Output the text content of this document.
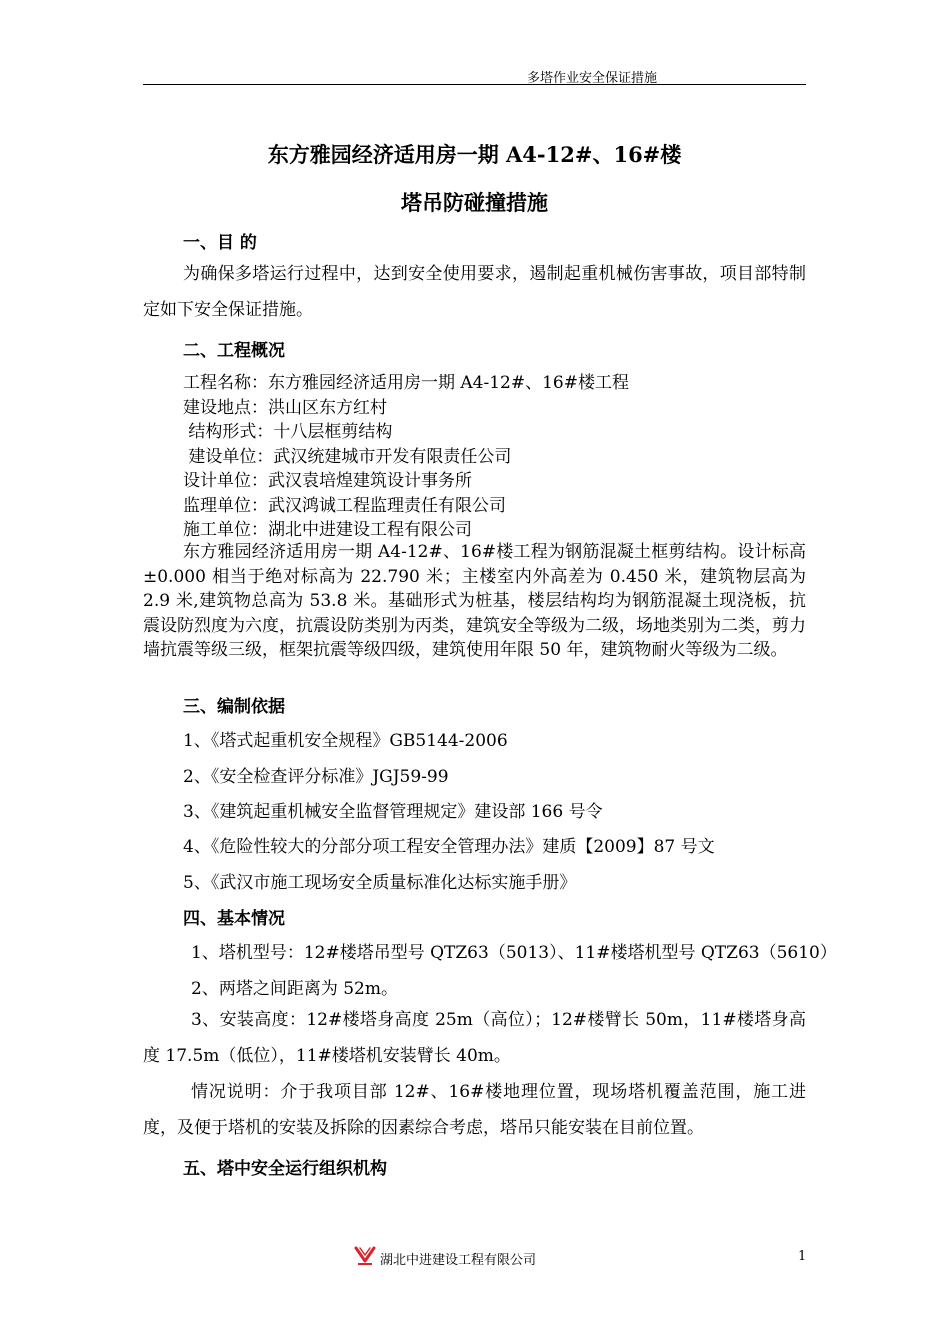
多塔作业安全保证措施
东方雅园经济适用房一期 A4-12#、16#楼
塔吊防碰撞措施
一、目 的
为确保多塔运行过程中，达到安全使用要求，遏制起重机械伤害事故，项目部特制定如下安全保证措施。
二、工程概况
工程名称：东方雅园经济适用房一期 A4-12#、16#楼工程
建设地点：洪山区东方红村
结构形式：十八层框剪结构
建设单位：武汉统建城市开发有限责任公司
设计单位：武汉袁培煌建筑设计事务所
监理单位：武汉鸿诚工程监理责任有限公司
施工单位：湖北中进建设工程有限公司
东方雅园经济适用房一期 A4-12#、16#楼工程为钢筋混凝土框剪结构。设计标高±0.000 相当于绝对标高为 22.790 米；主楼室内外高差为 0.450 米，建筑物层高为 2.9 米,建筑物总高为 53.8 米。基础形式为桩基，楼层结构均为钢筋混凝土现浇板，抗震设防烈度为六度，抗震设防类别为丙类，建筑安全等级为二级，场地类别为二类，剪力墙抗震等级三级，框架抗震等级四级，建筑使用年限 50 年，建筑物耐火等级为二级。
三、编制依据
1、《塔式起重机安全规程》GB5144-2006
2、《安全检查评分标准》JGJ59-99
3、《建筑起重机械安全监督管理规定》建设部 166 号令
4、《危险性较大的分部分项工程安全管理办法》建质【2009】87 号文
5、《武汉市施工现场安全质量标准化达标实施手册》
四、基本情况
1、塔机型号：12#楼塔吊型号 QTZ63（5013）、11#楼塔机型号 QTZ63（5610）
2、两塔之间距离为 52m。
3、安装高度：12#楼塔身高度 25m（高位）；12#楼臂长 50m，11#楼塔身高度 17.5m（低位），11#楼塔机安装臂长 40m。
情况说明：介于我项目部 12#、16#楼地理位置，现场塔机覆盖范围，施工进度，及便于塔机的安装及拆除的因素综合考虑，塔吊只能安装在目前位置。
五、塔中安全运行组织机构
湖北中进建设工程有限公司	1
